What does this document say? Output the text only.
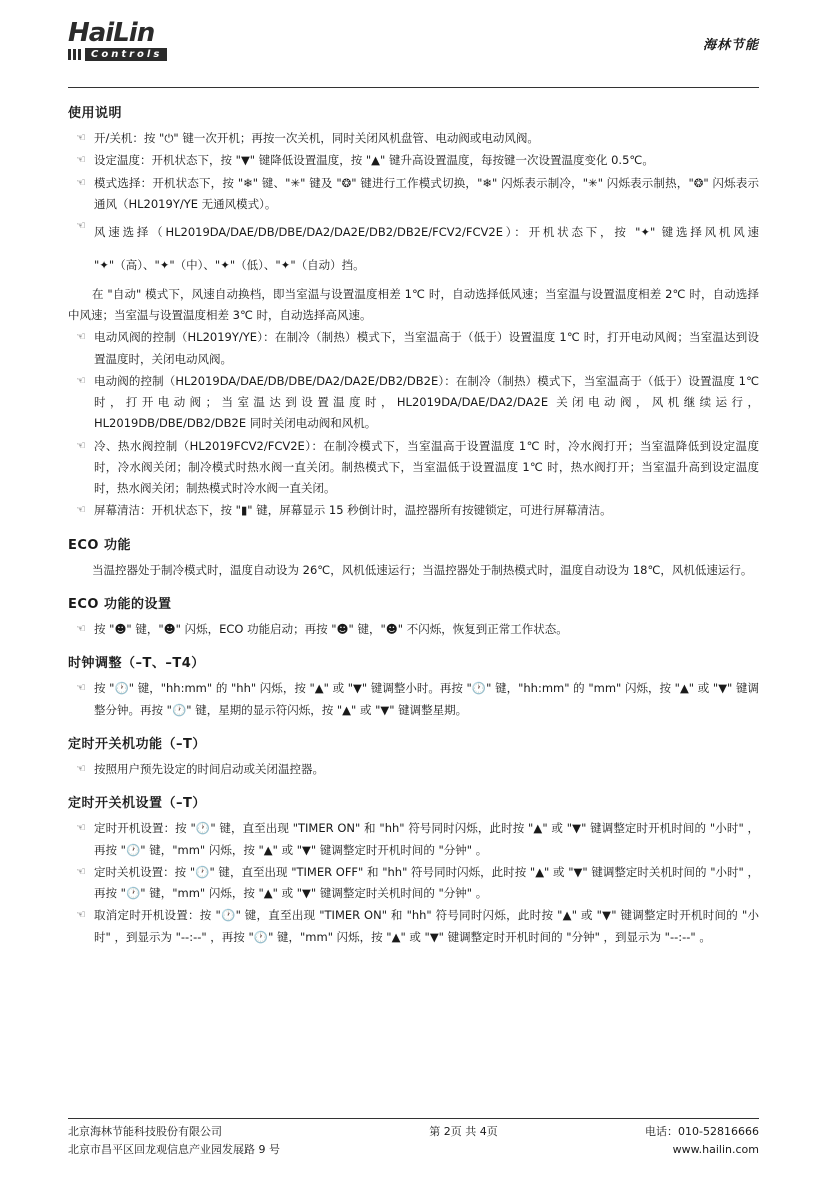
HaiLin
Controls
海林节能
使用说明
☞ 开/关机：按 "⏻" 键一次开机；再按一次关机，同时关闭风机盘管、电动阀或电动风阀。
☞ 设定温度：开机状态下，按 "▼" 键降低设置温度，按 "▲" 键升高设置温度，每按键一次设置温度变化 0.5℃。
☞ 模式选择：开机状态下，按 "❄" 键、"✳" 键及 "❂" 键进行工作模式切换，"❄" 闪烁表示制冷，"✳" 闪烁表示制热，"❂" 闪烁表示通风（HL2019Y/YE 无通风模式）。
☞ 风速选择（HL2019DA/DAE/DB/DBE/DA2/DA2E/DB2/DB2E/FCV2/FCV2E）：开机状态下，按 "✦" 键选择风机风速 "✦"（高）、"✦"（中）、"✦"（低）、"✦"（自动）挡。
在 "自动" 模式下，风速自动换档，即当室温与设置温度相差 1℃ 时，自动选择低风速；当室温与设置温度相差 2℃ 时，自动选择中风速；当室温与设置温度相差 3℃ 时，自动选择高风速。
☞ 电动风阀的控制（HL2019Y/YE）：在制冷（制热）模式下，当室温高于（低于）设置温度 1℃ 时，打开电动风阀；当室温达到设置温度时，关闭电动风阀。
☞ 电动阀的控制（HL2019DA/DAE/DB/DBE/DA2/DA2E/DB2/DB2E）：在制冷（制热）模式下，当室温高于（低于）设置温度 1℃ 时，打开电动阀；当室温达到设置温度时，HL2019DA/DAE/DA2/DA2E 关闭电动阀，风机继续运行，HL2019DB/DBE/DB2/DB2E 同时关闭电动阀和风机。
☞ 冷、热水阀控制（HL2019FCV2/FCV2E）：在制冷模式下，当室温高于设置温度 1℃ 时，冷水阀打开；当室温降低到设定温度时，冷水阀关闭；制冷模式时热水阀一直关闭。制热模式下，当室温低于设置温度 1℃ 时，热水阀打开；当室温升高到设定温度时，热水阀关闭；制热模式时冷水阀一直关闭。
☞ 屏幕清洁：开机状态下，按 "▮" 键，屏幕显示 15 秒倒计时，温控器所有按键锁定，可进行屏幕清洁。
ECO 功能
当温控器处于制冷模式时，温度自动设为 26℃，风机低速运行；当温控器处于制热模式时，温度自动设为 18℃，风机低速运行。
ECO 功能的设置
☞ 按 "☻" 键，"☻" 闪烁，ECO 功能启动；再按 "☻" 键，"☻" 不闪烁，恢复到正常工作状态。
时钟调整（–T、–T4）
☞ 按 "🕐" 键，"hh:mm" 的 "hh" 闪烁，按 "▲" 或 "▼" 键调整小时。再按 "🕐" 键，"hh:mm" 的 "mm" 闪烁，按 "▲" 或 "▼" 键调整分钟。再按 "🕐" 键，星期的显示符闪烁，按 "▲" 或 "▼" 键调整星期。
定时开关机功能（–T）
☞ 按照用户预先设定的时间启动或关闭温控器。
定时开关机设置（–T）
☞ 定时开机设置：按 "🕐" 键，直至出现 "TIMER ON" 和 "hh" 符号同时闪烁，此时按 "▲" 或 "▼" 键调整定时开机时间的 "小时" ，再按 "🕐" 键，"mm" 闪烁，按 "▲" 或 "▼" 键调整定时开机时间的 "分钟" 。
☞ 定时关机设置：按 "🕐" 键，直至出现 "TIMER OFF" 和 "hh" 符号同时闪烁，此时按 "▲" 或 "▼" 键调整定时关机时间的 "小时" ，再按 "🕐" 键，"mm" 闪烁，按 "▲" 或 "▼" 键调整定时关机时间的 "分钟" 。
☞ 取消定时开机设置：按 "🕐" 键，直至出现 "TIMER ON" 和 "hh" 符号同时闪烁，此时按 "▲" 或 "▼" 键调整定时开机时间的 "小时" ，到显示为 "--:--" ，再按 "🕐" 键，"mm" 闪烁，按 "▲" 或 "▼" 键调整定时开机时间的 "分钟" ，到显示为 "--:--" 。
北京海林节能科技股份有限公司	第 2页 共 4页	电话：010-52816666
北京市昌平区回龙观信息产业园发展路 9 号	www.hailin.com
